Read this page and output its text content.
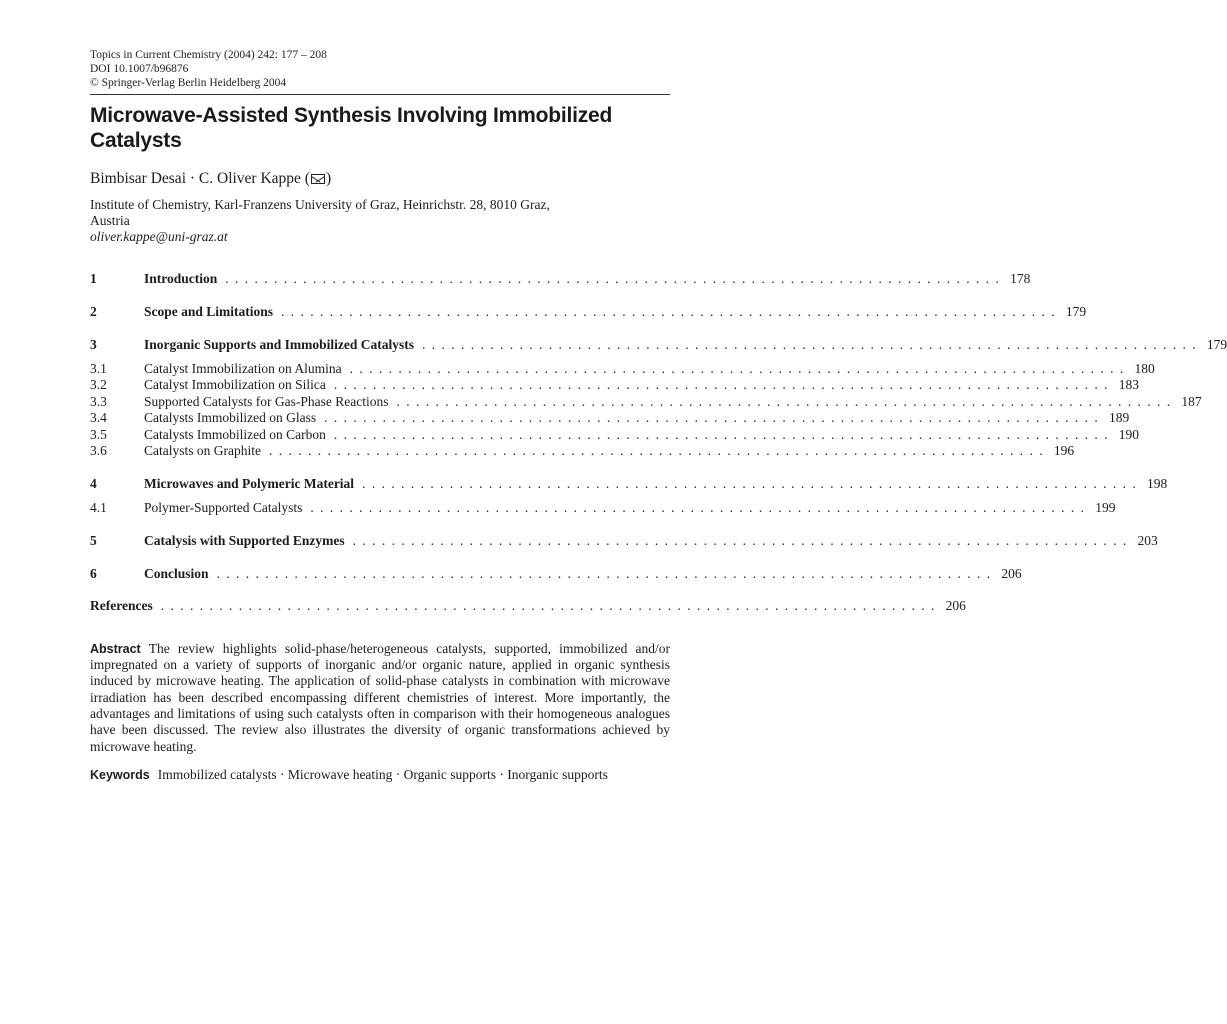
Topics in Current Chemistry (2004) 242: 177 – 208
DOI 10.1007/b96876
© Springer-Verlag Berlin Heidelberg 2004
Microwave-Assisted Synthesis Involving Immobilized
Catalysts
Bimbisar Desai · C. Oliver Kappe ( )
Institute of Chemistry, Karl-Franzens University of Graz, Heinrichstr. 28, 8010 Graz,
Austria
oliver.kappe@uni-graz.at
1	Introduction . . . . . . . . . . . . . . . . . . . . . . . . . . . . . . . . . . . . . . . . . . . . . . . . . . . . . . . . . . . . . . . . . . . . . . . . . . . . . . . . 178
2	Scope and Limitations . . . . . . . . . . . . . . . . . . . . . . . . . . . . . . . . . . . . . . . . . . . . . . . . . . . . . . . . . . . . . . . . . . . . . . . . . . . . . . . . 179
3	Inorganic Supports and Immobilized Catalysts . . . . . . . . . . . . . . . . . . . . . . . . . . . . . . . . . . . . . . . . . . . . . . . . . . . . . . . . . . . . . . . . . . . . . . . . . . . . . . . . 179
3.1	Catalyst Immobilization on Alumina . . . . . . . . . . . . . . . . . . . . . . . . . . . . . . . . . . . . . . . . . . . . . . . . . . . . . . . . . . . . . . . . . . . . . . . . . . . . . . . . 180
3.2	Catalyst Immobilization on Silica . . . . . . . . . . . . . . . . . . . . . . . . . . . . . . . . . . . . . . . . . . . . . . . . . . . . . . . . . . . . . . . . . . . . . . . . . . . . . . . . 183
3.3	Supported Catalysts for Gas-Phase Reactions . . . . . . . . . . . . . . . . . . . . . . . . . . . . . . . . . . . . . . . . . . . . . . . . . . . . . . . . . . . . . . . . . . . . . . . . . . . . . . . . 187
3.4	Catalysts Immobilized on Glass . . . . . . . . . . . . . . . . . . . . . . . . . . . . . . . . . . . . . . . . . . . . . . . . . . . . . . . . . . . . . . . . . . . . . . . . . . . . . . . . 189
3.5	Catalysts Immobilized on Carbon . . . . . . . . . . . . . . . . . . . . . . . . . . . . . . . . . . . . . . . . . . . . . . . . . . . . . . . . . . . . . . . . . . . . . . . . . . . . . . . . 190
3.6	Catalysts on Graphite . . . . . . . . . . . . . . . . . . . . . . . . . . . . . . . . . . . . . . . . . . . . . . . . . . . . . . . . . . . . . . . . . . . . . . . . . . . . . . . . 196
4	Microwaves and Polymeric Material . . . . . . . . . . . . . . . . . . . . . . . . . . . . . . . . . . . . . . . . . . . . . . . . . . . . . . . . . . . . . . . . . . . . . . . . . . . . . . . . 198
4.1	Polymer-Supported Catalysts . . . . . . . . . . . . . . . . . . . . . . . . . . . . . . . . . . . . . . . . . . . . . . . . . . . . . . . . . . . . . . . . . . . . . . . . . . . . . . . . 199
5	Catalysis with Supported Enzymes . . . . . . . . . . . . . . . . . . . . . . . . . . . . . . . . . . . . . . . . . . . . . . . . . . . . . . . . . . . . . . . . . . . . . . . . . . . . . . . . 203
6	Conclusion . . . . . . . . . . . . . . . . . . . . . . . . . . . . . . . . . . . . . . . . . . . . . . . . . . . . . . . . . . . . . . . . . . . . . . . . . . . . . . . . 206
References . . . . . . . . . . . . . . . . . . . . . . . . . . . . . . . . . . . . . . . . . . . . . . . . . . . . . . . . . . . . . . . . . . . . . . . . . . . . . . . . 206
Abstract The review highlights solid-phase/heterogeneous catalysts, supported, immobilized and/or impregnated on a variety of supports of inorganic and/or organic nature, applied in organic synthesis induced by microwave heating. The application of solid-phase catalysts in combination with microwave irradiation has been described encompassing different chemistries of interest. More importantly, the advantages and limitations of using such catalysts often in comparison with their homogeneous analogues have been discussed. The review also illustrates the diversity of organic transformations achieved by microwave heating.
Keywords Immobilized catalysts · Microwave heating · Organic supports · Inorganic supports
